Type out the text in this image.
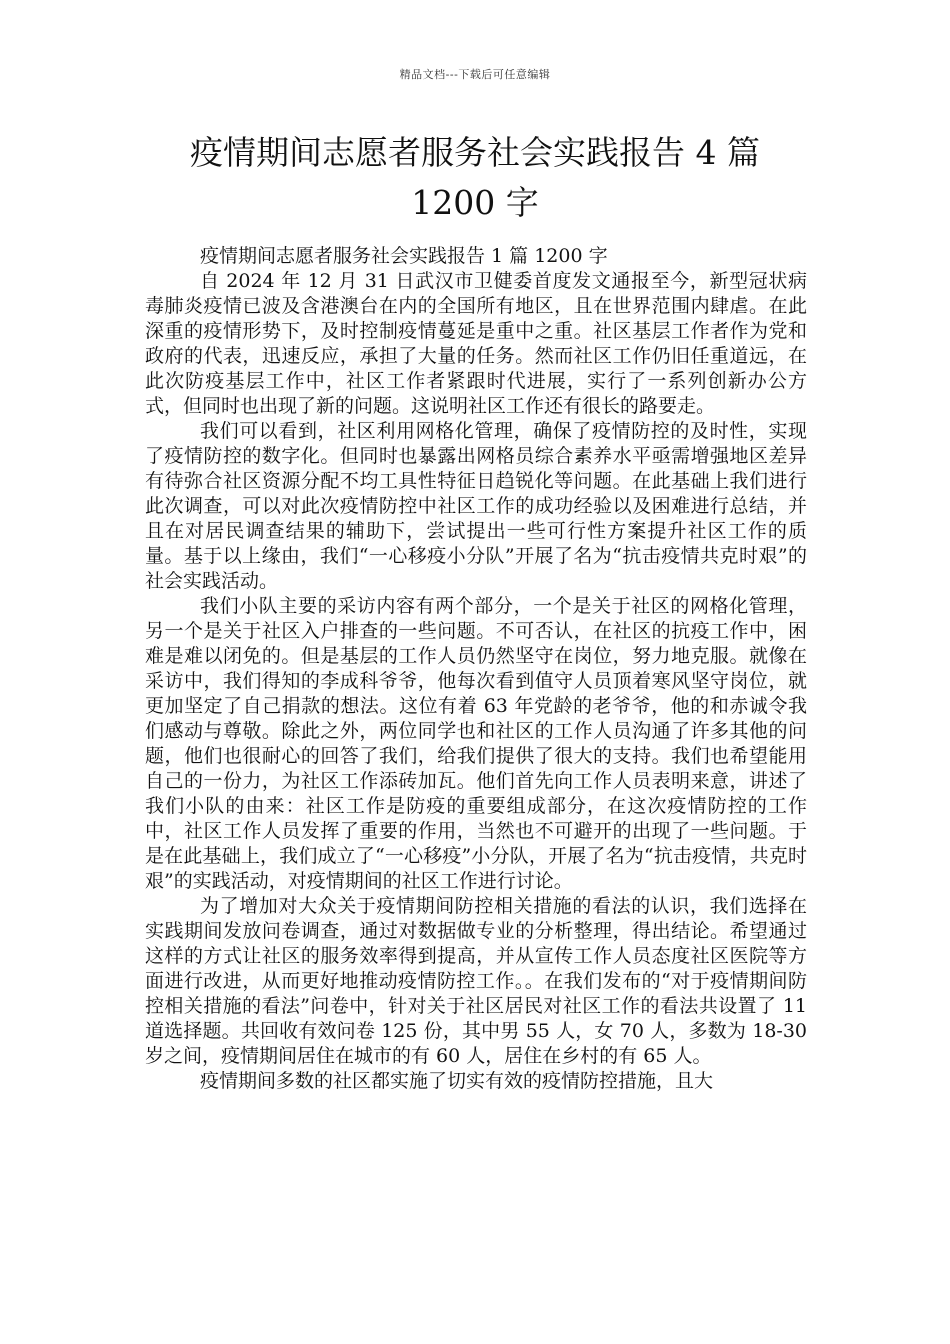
精品文档---下载后可任意编辑
疫情期间志愿者服务社会实践报告 4 篇
1200 字

疫情期间志愿者服务社会实践报告 1 篇 1200 字

自 2024 年 12 月 31 日武汉市卫健委首度发文通报至今，新型冠状病毒肺炎疫情已波及含港澳台在内的全国所有地区，且在世界范围内肆虐。在此深重的疫情形势下，及时控制疫情蔓延是重中之重。社区基层工作者作为党和政府的代表，迅速反应，承担了大量的任务。然而社区工作仍旧任重道远，在此次防疫基层工作中，社区工作者紧跟时代进展，实行了一系列创新办公方式，但同时也出现了新的问题。这说明社区工作还有很长的路要走。

我们可以看到，社区利用网格化管理，确保了疫情防控的及时性，实现了疫情防控的数字化。但同时也暴露出网格员综合素养水平亟需增强地区差异有待弥合社区资源分配不均工具性特征日趋锐化等问题。在此基础上我们进行此次调查，可以对此次疫情防控中社区工作的成功经验以及困难进行总结，并且在对居民调查结果的辅助下，尝试提出一些可行性方案提升社区工作的质量。基于以上缘由，我们“一心移疫小分队”开展了名为“抗击疫情共克时艰”的社会实践活动。

我们小队主要的采访内容有两个部分，一个是关于社区的网格化管理，另一个是关于社区入户排查的一些问题。不可否认，在社区的抗疫工作中，困难是难以闭免的。但是基层的工作人员仍然坚守在岗位，努力地克服。就像在采访中，我们得知的李成科爷爷，他每次看到值守人员顶着寒风坚守岗位，就更加坚定了自己捐款的想法。这位有着 63 年党龄的老爷爷，他的和赤诚令我们感动与尊敬。除此之外，两位同学也和社区的工作人员沟通了许多其他的问题，他们也很耐心的回答了我们，给我们提供了很大的支持。我们也希望能用自己的一份力，为社区工作添砖加瓦。他们首先向工作人员表明来意，讲述了我们小队的由来：社区工作是防疫的重要组成部分，在这次疫情防控的工作中，社区工作人员发挥了重要的作用，当然也不可避开的出现了一些问题。于是在此基础上，我们成立了“一心移疫”小分队，开展了名为“抗击疫情，共克时艰”的实践活动，对疫情期间的社区工作进行讨论。

为了增加对大众关于疫情期间防控相关措施的看法的认识，我们选择在实践期间发放问卷调查，通过对数据做专业的分析整理，得出结论。希望通过这样的方式让社区的服务效率得到提高，并从宣传工作人员态度社区医院等方面进行改进，从而更好地推动疫情防控工作。。在我们发布的“对于疫情期间防控相关措施的看法”问卷中，针对关于社区居民对社区工作的看法共设置了 11 道选择题。共回收有效问卷 125 份，其中男 55 人，女 70 人，多数为 18-30 岁之间，疫情期间居住在城市的有 60 人，居住在乡村的有 65 人。

疫情期间多数的社区都实施了切实有效的疫情防控措施，且大
